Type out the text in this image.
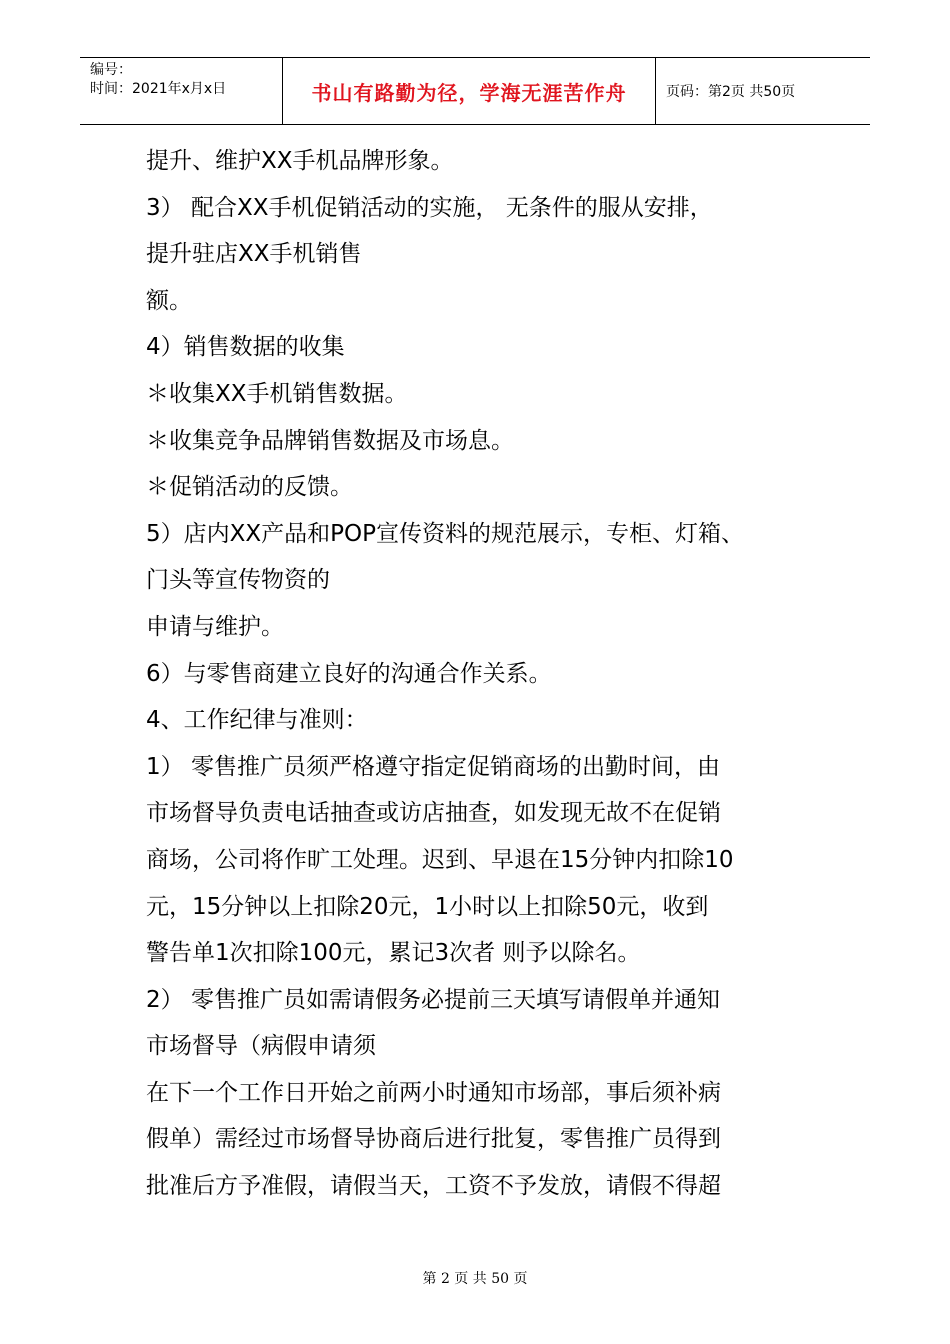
编号：
时间：2021年x月x日	书山有路勤为径，学海无涯苦作舟	页码：第2页 共50页
提升、维护XX手机品牌形象。
3） 配合XX手机促销活动的实施， 无条件的服从安排，
提升驻店XX手机销售
额。
4）销售数据的收集
＊收集XX手机销售数据。
＊收集竞争品牌销售数据及市场息。
＊促销活动的反馈。
5）店内XX产品和POP宣传资料的规范展示，专柜、灯箱、
门头等宣传物资的
申请与维护。
6）与零售商建立良好的沟通合作关系。
4、工作纪律与准则：
1） 零售推广员须严格遵守指定促销商场的出勤时间，由
市场督导负责电话抽查或访店抽查，如发现无故不在促销
商场，公司将作旷工处理。迟到、早退在15分钟内扣除10
元，15分钟以上扣除20元，1小时以上扣除50元，收到
警告单1次扣除100元，累记3次者 则予以除名。
2） 零售推广员如需请假务必提前三天填写请假单并通知
市场督导（病假申请须
在下一个工作日开始之前两小时通知市场部，事后须补病
假单）需经过市场督导协商后进行批复，零售推广员得到
批准后方予准假，请假当天，工资不予发放，请假不得超
第 2 页 共 50 页
